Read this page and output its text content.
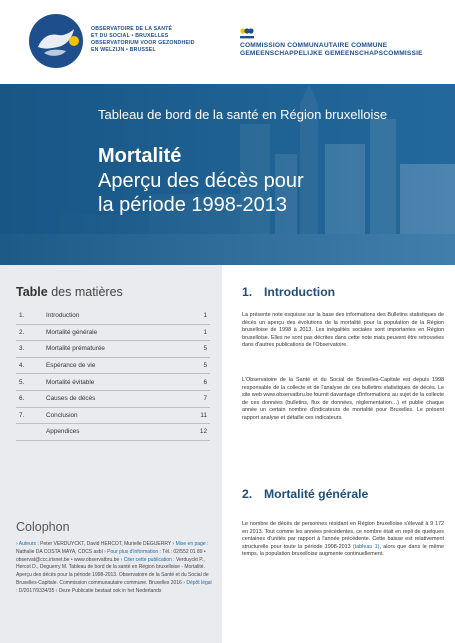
OBSERVATOIRE DE LA SANTÉ
ET DU SOCIAL • BRUXELLES
OBSERVATORIUM VOOR GEZONDHEID
EN WELZIJN • BRUSSEL
COMMISSION COMMUNAUTAIRE COMMUNE
GEMEENSCHAPPELIJKE GEMEENSCHAPSCOMMISSIE
Tableau de bord de la santé en Région bruxelloise
Mortalité
Aperçu des décès pour
la période 1998-2013
Table des matières
1.	Introduction	1
2.	Mortalité générale	1
3.	Mortalité prématurée	5
4.	Espérance de vie	5
5.	Mortalité évitable	6
6.	Causes de décès	7
7.	Conclusion	11
Appendices	12
Colophon
› Auteurs : Peter VERDUYCKT, David HERCOT, Murielle DEGUERRY › Mise en page : Nathalie DA COSTA MAYA, CDCS asbl › Pour plus d'information : Tél.: 02/552 01 89 • observat@ccc.irisnet.be • www.observatbru.be › Citer cette publication : Verduyckt P., Hercot D., Deguerry M. Tableau de bord de la santé en Région bruxelloise - Mortalité. Aperçu des décès pour la période 1998-2013. Observatoire de la Santé et du Social de Bruxelles-Capitale. Commission communautaire commune. Bruxelles 2016 › Dépôt légal : D/2017/9334/35 › Deze Publicatie bestaat ook in het Nederlands
1. Introduction
La présente note esquisse sur la base des informations des Bulletins statistiques de décès un aperçu des évolutions de la mortalité pour la population de la Région bruxelloise de 1998 à 2013. Les inégalités sociales sont importantes en Région bruxelloise. Elles ne sont pas décrites dans cette note mais peuvent être retrouvées dans d'autres publications de l'Observatoire.
L'Observatoire de la Santé et du Social de Bruxelles-Capitale est depuis 1998 responsable de la collecte et de l'analyse de ces bulletins statistiques de décès. Le site web www.observatbru.be fournit davantage d'informations au sujet de la collecte de ces données (bulletins, flux de données, réglementation…) et publie chaque année un certain nombre d'indicateurs de mortalité pour Bruxelles. Le présent rapport analyse et détaille ces indicateurs.
2. Mortalité générale
Le nombre de décès de personnes résidant en Région bruxelloise s'élevait à 9 172 en 2013. Tout comme les années précédentes, ce nombre était en repli de quelques centaines d'unités par rapport à l'année précédente. Cette baisse est relativement structurelle pour toute la période 1998-2013 (tableau 1), alors que dans le même temps, la population bruxelloise augmente continuellement.
